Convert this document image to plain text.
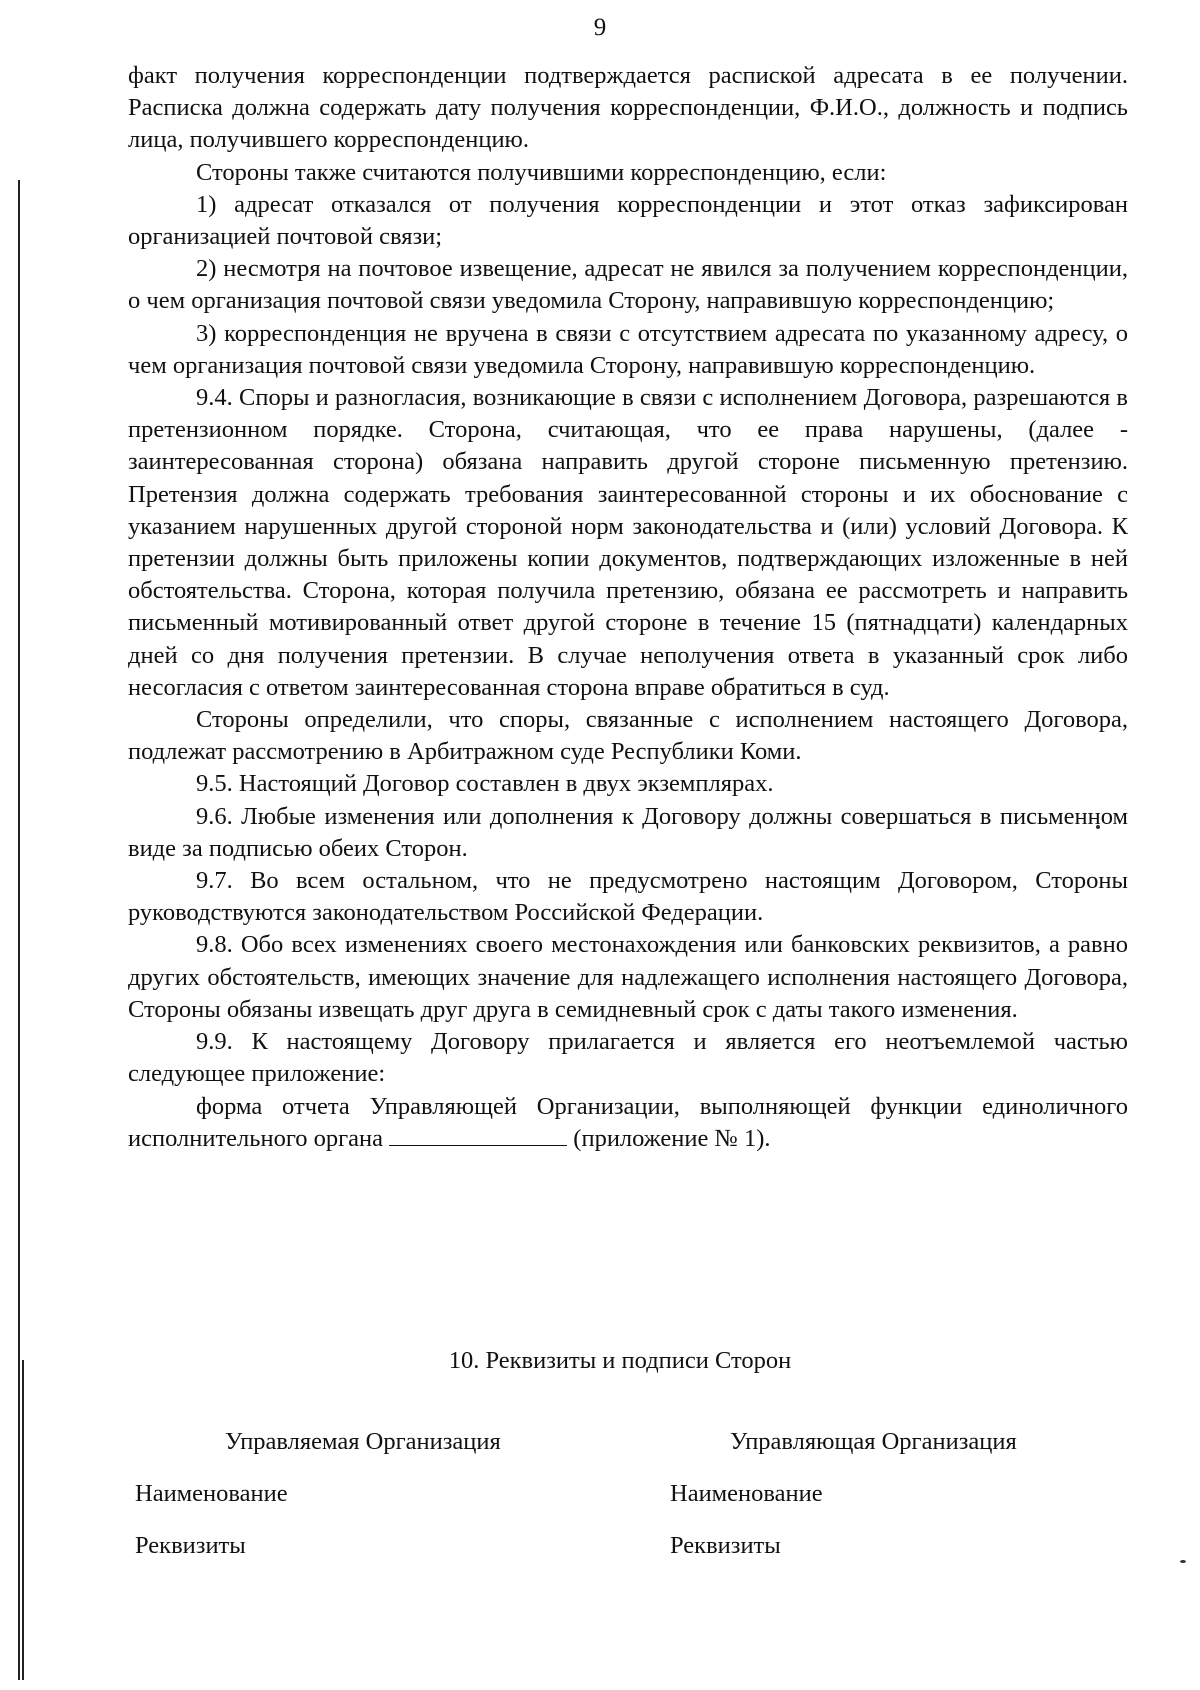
9

факт получения корреспонденции подтверждается распиской адресата в ее получении. Расписка должна содержать дату получения корреспонденции, Ф.И.О., должность и подпись лица, получившего корреспонденцию.

Стороны также считаются получившими корреспонденцию, если:

1) адресат отказался от получения корреспонденции и этот отказ зафиксирован организацией почтовой связи;

2) несмотря на почтовое извещение, адресат не явился за получением корреспонденции, о чем организация почтовой связи уведомила Сторону, направившую корреспонденцию;

3) корреспонденция не вручена в связи с отсутствием адресата по указанному адресу, о чем организация почтовой связи уведомила Сторону, направившую корреспонденцию.

9.4. Споры и разногласия, возникающие в связи с исполнением Договора, разрешаются в претензионном порядке. Сторона, считающая, что ее права нарушены, (далее - заинтересованная сторона) обязана направить другой стороне письменную претензию. Претензия должна содержать требования заинтересованной стороны и их обоснование с указанием нарушенных другой стороной норм законодательства и (или) условий Договора. К претензии должны быть приложены копии документов, подтверждающих изложенные в ней обстоятельства. Сторона, которая получила претензию, обязана ее рассмотреть и направить письменный мотивированный ответ другой стороне в течение 15 (пятнадцати) календарных дней со дня получения претензии. В случае неполучения ответа в указанный срок либо несогласия с ответом заинтересованная сторона вправе обратиться в суд.

Стороны определили, что споры, связанные с исполнением настоящего Договора, подлежат рассмотрению в Арбитражном суде Республики Коми.

9.5. Настоящий Договор составлен в двух экземплярах.

9.6. Любые изменения или дополнения к Договору должны совершаться в письменном виде за подписью обеих Сторон.

9.7. Во всем остальном, что не предусмотрено настоящим Договором, Стороны руководствуются законодательством Российской Федерации.

9.8. Обо всех изменениях своего местонахождения или банковских реквизитов, а равно других обстоятельств, имеющих значение для надлежащего исполнения настоящего Договора, Стороны обязаны извещать друг друга в семидневный срок с даты такого изменения.

9.9. К настоящему Договору прилагается и является его неотъемлемой частью следующее приложение:

форма отчета Управляющей Организации, выполняющей функции единоличного исполнительного органа	(приложение № 1).

10. Реквизиты и подписи Сторон
Управляемая Организация	Управляющая Организация
Наименование	Наименование
Реквизиты	Реквизиты
